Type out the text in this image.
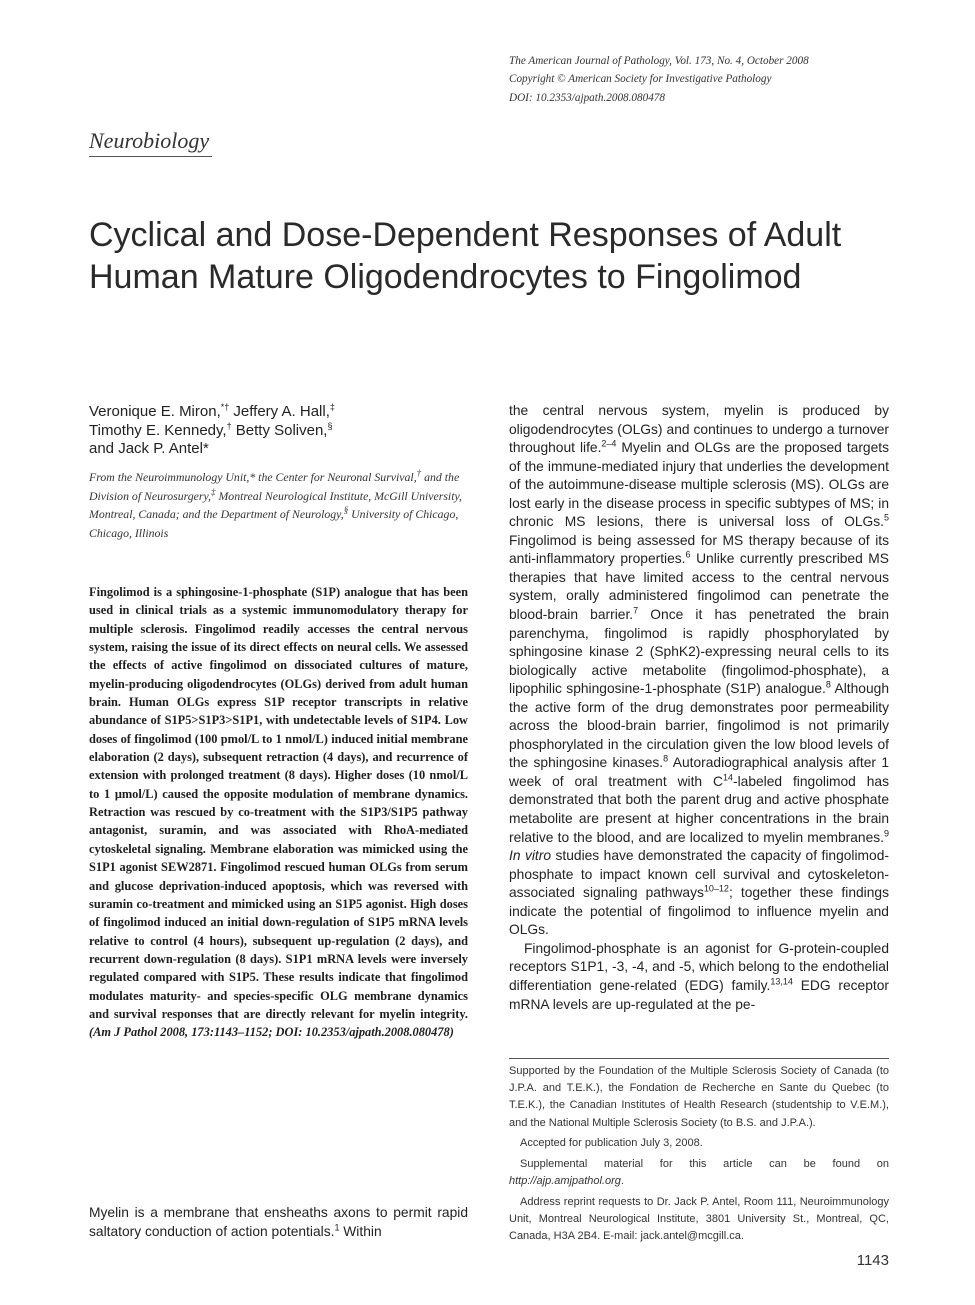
The American Journal of Pathology, Vol. 173, No. 4, October 2008
Copyright © American Society for Investigative Pathology
DOI: 10.2353/ajpath.2008.080478
Neurobiology
Cyclical and Dose-Dependent Responses of Adult
Human Mature Oligodendrocytes to Fingolimod
Veronique E. Miron,*† Jeffery A. Hall,‡
Timothy E. Kennedy,† Betty Soliven,§
and Jack P. Antel*
From the Neuroimmunology Unit,* the Center for Neuronal Survival,† and the Division of Neurosurgery,‡ Montreal Neurological Institute, McGill University, Montreal, Canada; and the Department of Neurology,§ University of Chicago, Chicago, Illinois
Fingolimod is a sphingosine-1-phosphate (S1P) analogue that has been used in clinical trials as a systemic immunomodulatory therapy for multiple sclerosis. Fingolimod readily accesses the central nervous system, raising the issue of its direct effects on neural cells. We assessed the effects of active fingolimod on dissociated cultures of mature, myelin-producing oligodendrocytes (OLGs) derived from adult human brain. Human OLGs express S1P receptor transcripts in relative abundance of S1P5>S1P3>S1P1, with undetectable levels of S1P4. Low doses of fingolimod (100 pmol/L to 1 nmol/L) induced initial membrane elaboration (2 days), subsequent retraction (4 days), and recurrence of extension with prolonged treatment (8 days). Higher doses (10 nmol/L to 1 μmol/L) caused the opposite modulation of membrane dynamics. Retraction was rescued by co-treatment with the S1P3/S1P5 pathway antagonist, suramin, and was associated with RhoA-mediated cytoskeletal signaling. Membrane elaboration was mimicked using the S1P1 agonist SEW2871. Fingolimod rescued human OLGs from serum and glucose deprivation-induced apoptosis, which was reversed with suramin co-treatment and mimicked using an S1P5 agonist. High doses of fingolimod induced an initial down-regulation of S1P5 mRNA levels relative to control (4 hours), subsequent up-regulation (2 days), and recurrent down-regulation (8 days). S1P1 mRNA levels were inversely regulated compared with S1P5. These results indicate that fingolimod modulates maturity- and species-specific OLG membrane dynamics and survival responses that are directly relevant for myelin integrity. (Am J Pathol 2008, 173:1143–1152; DOI: 10.2353/ajpath.2008.080478)
Myelin is a membrane that ensheaths axons to permit rapid saltatory conduction of action potentials.$^1$ Within

the central nervous system, myelin is produced by oligodendrocytes (OLGs) and continues to undergo a turnover throughout life.$^{2-4}$ Myelin and OLGs are the proposed targets of the immune-mediated injury that underlies the development of the autoimmune-disease multiple sclerosis (MS). OLGs are lost early in the disease process in specific subtypes of MS; in chronic MS lesions, there is universal loss of OLGs.$^5$ Fingolimod is being assessed for MS therapy because of its anti-inflammatory properties.$^6$ Unlike currently prescribed MS therapies that have limited access to the central nervous system, orally administered fingolimod can penetrate the blood-brain barrier.$^7$ Once it has penetrated the brain parenchyma, fingolimod is rapidly phosphorylated by sphingosine kinase 2 (SphK2)-expressing neural cells to its biologically active metabolite (fingolimod-phosphate), a lipophilic sphingosine-1-phosphate (S1P) analogue.$^8$ Although the active form of the drug demonstrates poor permeability across the blood-brain barrier, fingolimod is not primarily phosphorylated in the circulation given the low blood levels of the sphingosine kinases.$^8$ Autoradiographical analysis after 1 week of oral treatment with $C^{14}$-labeled fingolimod has demonstrated that both the parent drug and active phosphate metabolite are present at higher concentrations in the brain relative to the blood, and are localized to myelin membranes.$^9$ In vitro studies have demonstrated the capacity of fingolimod-phosphate to impact known cell survival and cytoskeleton-associated signaling pathways$^{10-12}$; together these findings indicate the potential of fingolimod to influence myelin and OLGs.

Fingolimod-phosphate is an agonist for G-protein-coupled receptors S1P1, -3, -4, and -5, which belong to the endothelial differentiation gene-related (EDG) family.$^{13,14}$ EDG receptor mRNA levels are up-regulated at the pe-

Supported by the Foundation of the Multiple Sclerosis Society of Canada (to J.P.A. and T.E.K.), the Fondation de Recherche en Sante du Quebec (to T.E.K.), the Canadian Institutes of Health Research (studentship to V.E.M.), and the National Multiple Sclerosis Society (to B.S. and J.P.A.).

Accepted for publication July 3, 2008.

Supplemental material for this article can be found on http://ajp.amjpathol.org.

Address reprint requests to Dr. Jack P. Antel, Room 111, Neuroimmunology Unit, Montreal Neurological Institute, 3801 University St., Montreal, QC, Canada, H3A 2B4. E-mail: jack.antel@mcgill.ca.

1143
